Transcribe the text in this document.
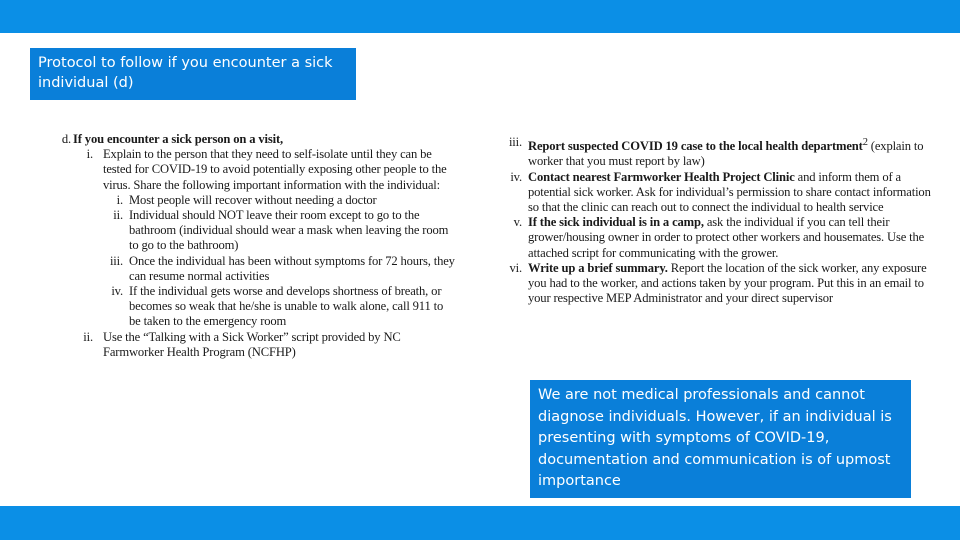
Protocol to follow if you encounter a sick individual (d)
d. If you encounter a sick person on a visit,
i. Explain to the person that they need to self-isolate until they can be tested for COVID-19 to avoid potentially exposing other people to the virus. Share the following important information with the individual:
i. Most people will recover without needing a doctor
ii. Individual should NOT leave their room except to go to the bathroom (individual should wear a mask when leaving the room to go to the bathroom)
iii. Once the individual has been without symptoms for 72 hours, they can resume normal activities
iv. If the individual gets worse and develops shortness of breath, or becomes so weak that he/she is unable to walk alone, call 911 to be taken to the emergency room
ii. Use the “Talking with a Sick Worker” script provided by NC Farmworker Health Program (NCFHP)
iii. Report suspected COVID 19 case to the local health department$^2$ (explain to worker that you must report by law)
iv. Contact nearest Farmworker Health Project Clinic and inform them of a potential sick worker. Ask for individual’s permission to share contact information so that the clinic can reach out to connect the individual to health service
v. If the sick individual is in a camp, ask the individual if you can tell their grower/housing owner in order to protect other workers and housemates. Use the attached script for communicating with the grower.
vi. Write up a brief summary. Report the location of the sick worker, any exposure you had to the worker, and actions taken by your program. Put this in an email to your respective MEP Administrator and your direct supervisor
We are not medical professionals and cannot diagnose individuals. However, if an individual is presenting with symptoms of COVID-19, documentation and communication is of upmost importance
